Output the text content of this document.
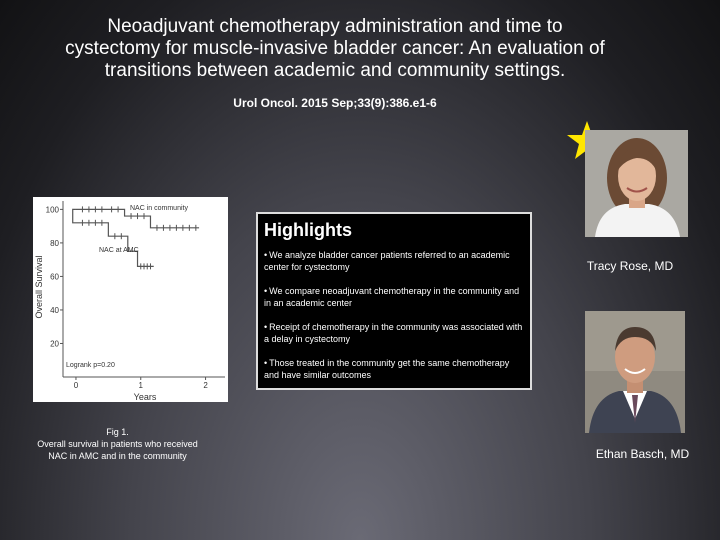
Neoadjuvant chemotherapy administration and time to
cystectomy for muscle-invasive bladder cancer: An evaluation of
transitions between academic and community settings.
Urol Oncol. 2015 Sep;33(9):386.e1-6
100
80
60
40
20
0	1	2
NAC in community
NAC at AMC
Logrank p=0.20
Years
Overall Survival
Fig 1.
Overall survival in patients who received
NAC in AMC and in the community
Highlights
• We analyze bladder cancer patients referred to an academic center for cystectomy
• We compare neoadjuvant chemotherapy in the community and in an academic center
• Receipt of chemotherapy in the community was associated with a delay in cystectomy
• Those treated in the community get the same chemotherapy and have similar outcomes
Tracy Rose, MD
Ethan Basch, MD
